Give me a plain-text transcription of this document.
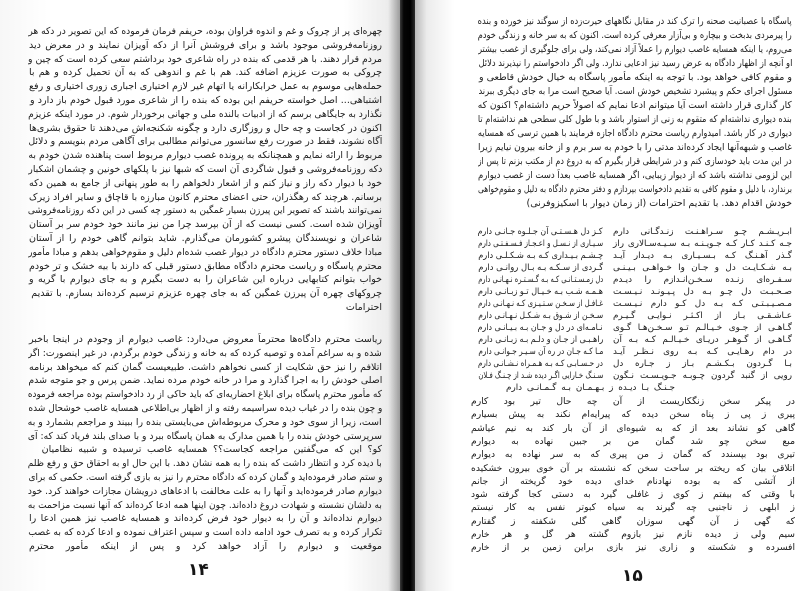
چهره‌ای پر از چروک و غم و اندوه فراوان بوده، حریفم فرمان فرموده که این تصویر در دکه هر
روزنامه‌فروشی موجود باشد و برای فروشش آنرا از دکه آویزان نمایند و در معرض دید
مردم قرار دهند. با هر قدمی که بنده در راه شاعری خود برداشتم سعی کرده است که چین و
چروکی به صورت عزیزم اضافه کند. هم با غم و اندوهی که به آن تحمیل کرده و هم با
حمله‌هایی موسوم به عمل خرابکارانه یا اتهام غیر لازم اختیاری اجباری زوری اختیاری و رفع
اشتباهی... اصل خواسته حریفم این بوده که بنده را از شاعری مورد قبول خودم باز دارد و
نگذارد به جایگاهی برسم که از ادبیات بالنده ملی و جهانی برخوردار شوم. در مورد اینکه عزیزم
اکنون در کجاست و چه حال و روزگاری دارد و چگونه شکنجه‌اش می‌دهند تا حقوق بشری‌ها
آگاه نشوند، فقط در صورت رفع سانسور می‌توانم مطالبی برای آگاهی مردم بنویسم و دلائل
مربوط را ارائه نمایم و همچنانکه به پرونده غصب دیوارم مربوط است پناهنده شدن خودم به
دکه روزنامه‌فروشی و قبول شاگردی آن است که شبها نیز با پلکهای خونین و چشمان اشکبار
خود با دیوار دکه راز و نیاز کنم و از اشعار دلخواهم را به طور پنهانی از جامع به همین دکه
برسانم. هرچند که رهگذران، حتی اعضای محترم کانون مبارزه با قاچاق و سایر افراد زیرک
نمی‌توانند باشند که تصویر این پیرزن بسیار غمگین به دستور چه کسی در این دکه روزنامه‌فروشی
آویزان شده است. کسی نیست که از آن بپرسد چرا من نیز مانند خود خودم سر بر آستان
شاعران و نویسندگان پیشرو کشورمان می‌گذارم. شاید بتوانم گاهی خودم را از آستان
مبادا خلاف دستور محترم دادگاه در دیوار غصب شده‌ام دلیل و مقوم‌خواهی بدهم و مبادا مأمور
محترم پاسگاه و ریاست محترم دادگاه مطابق دستور قبلی که دارند با بیه خشک و تر خودم
خواب بتوانم کتابهایی درباره این شاعران را به دست بگیرم و به جای دیوارم با گریه و
چروکهای چهره آن پیرزن غمگین که به جای چهره عزیزم ترسیم کرده‌اند بسازم. با تقدیم
احترامات
ریاست محترم دادگاه‌ها محترماً معروض می‌دارد: غاصب دیوارم از وجودم در اینجا باخبر
شده و به سراغم آمده و توصیه کرده که به خانه و زندگی خودم برگردم، در غیر اینصورت: اگر
اتلافم را نیز حق شکایت از کسی نخواهم داشت. طبیعیست گمان کنم که میخواهد برنامه
اصلی خودش را به اجرا گذارد و مرا در خانه خودم مرده نماید. ضمن پرس و جو متوجه شدم
که مأمور محترم پاسگاه برای ابلاغ احضاریه‌ای که باید حاکی از رد دادخواستم بوده مراجعه فرموده
و چون بنده را در غیاب دیده سراسیمه رفته و از اظهار بی‌اطلاعی همسایه غاصب خوشحال شده
است، زیرا از سوی خود و محرک مربوطه‌اش می‌بایستی بنده را ببیند و مراجعم بشمارد و به
سرپرستی خودش بنده را با همین مدارک به همان پاسگاه ببرد و با صدای بلند فریاد کند که: آی
کو؟ این که می‌گفتین مراجعه کجاست؟؟ همسایه غاصب ترسیده و شبیه نظامیان
با دیده کرد و انتظار داشت که بنده را به همه نشان دهد. با این حال او به احقاق حق و رفع ظلم
و ستم صادر فرموده‌اید و گمان کرده که دادگاه محترم را نیز به بازی گرفته است. حکمی که برای
دیوارم صادر فرموده‌اید و آنها را به علت مخالفت با ادعاهای درویشان مجازات خواهند کرد. خود
به دلشان نشسته و شهادت دروغ داده‌اند. چون اینها همه ادعا کرده‌اند که آنها نسبت مزاحمت به
دیوارم نداده‌اند و آن را به دیوار خود فرض کرده‌اند و همسایه غاصب نیز همین ادعا را
تکرار کرده و به تصرف خود ادامه داده است و سپس اعتراف نموده و ادعا کرده که به غصب
موقعیت و دیوارم را آزاد خواهد کرد و پس از اینکه مأمور محترم
۱۴
پاسگاه با عصبانیت صحنه را ترک کند در مقابل نگاههای حیرت‌زده از سوگند نیز خورده و بنده
را پیرمردی بدبخت و بیچاره و بی‌آزار معرفی کرده است. اکنون که به سر خانه و زندگی خودم
می‌روم، یا اینکه همسایه غاصب دیوارم را عملاً آزاد نمی‌کند، ولی برای جلوگیری از غصب بیشتر
او آنچه از اظهار دادگاه به عرض رسید نیز ادعایی ندارد. ولی اگر دادخواستم را نپذیرند دلائل
و مقوم کافی خواهد بود. با توجه به اینکه مأمور پاسگاه به خیال خودش قاطعی و
مسئول اجرای حکم و پیشبرد تشخیص خودش است. آیا صحیح است مرا به جای دیگری ببرند
کار گذاری قرار داشته است آیا میتوانم ادعا نمایم که اصولاً حریم داشته‌ام؟ اکنون که
بنده دیواری نداشته‌ام که متقوم به زنی از استوار باشد و با طول کلی سطحی هم نداشته‌ام تا
دیواری در کار باشد. امیدوارم ریاست محترم دادگاه اجازه فرمایند با همین ترسی که همسایه
غاصب و شبهه‌آنها ایجاد کرده‌اند مدتی را با خودم به سر برم و از خانه بیرون نیایم زیرا
در این مدت باید خودسازی کنم و در شرایطی قرار بگیرم که به دروغ دم از مکتب بزنم تا پس از
این لزومی نداشته باشد که از دیوار زیبایی، اگر همسایه غاصب بعداً دست از غصب دیوارم
برندارد، با دلیل و مقوم کافی به تقدیم دادخواست بپردازم و دفتر محترم دادگاه به دلیل و مقوم‌خواهی
خودش اقدام دهد. با تقدیم احترامات (از زمان دیوار با اسکیزوفرنی)
ابـریـشـم چـو سـراهـنـت زنـدگـانی دارم
کـز دل هـسـتـی آن جـلـوه جـانـی دارم
جـه کـنـد کـار کـه جـویـنـه بـه سـیـه‌سـالاری راز
سـیـاری از نـسـل و اعـجـاز فـسـفـتـی دارم
گـذر آهـنـگ کـه بـسـیـاری بـه دیـدار آیـد
چـشـم بـیـداری کـه بـه شـکـلـی دارم
بـه شـکـایـت دل و جـان وا خـواهـی بـیـنـی
گـردی از سـکـه بـه بـال روانـی دارم
سـفـره‌ای زنـده سـخـن‌انـدازم را دیـدم
دل زمـسـتـانـی کـه بـه گـسـتـره نـهـانـی دارم
صـحـبـت دل چـو بـه دل پـیـونـد نـیـسـت
هـمـه شـب بـه خـیـال تـو زبـانـی دارم
مـصـیـبـتـی کـه بـه دل کـو دارم نـیـسـت
غـافـل از سـخـن سـتـیـزی کـه نـهـانـی دارم
عـاشـقـی بـاز از اکـثـر نـوایـی گـیـرم
سـخـن از شـوق بـه شـکـل نـهـانـی دارم
گـاهـی از جـوی خـیـالـم تـو سـخـن‌هـا گـوی
نـامـه‌ای در دل و جـان بـه بـیـانـی دارم
گـاهـی از گـوهـر دریـای خـیـالـم کـه بـه آن
راهـبـی از جـان و دلـم بـه زبـانـی دارم
در دام رهـایـی کـه بـه روی نـظـر آیـد
مـا کـه جـان در ره آن سـیـر جـوانـی دارم
بـا گـردون بـکـشـم بـاز ز جـاره دل
در حـسـابـی کـه بـه هـمـراه نـشـانـی دارم
رویی از گنبد گردون چـوبـه جـویـسـت نـگون
سـنـگ خـارایی اگـر دیده شـد از چـنـگ فـلان
جـنـگ بـا دیـده ز بـهـمـان بـه گـمـانـی دارم
در پیکر سخن زنگکاریست از آن چه حال تیر بود کارم
پیری ز پی ز پناه سخن دیده که پیرایه‌ام نکند به پیش بسیارم
گاهی کو نشاند بعد از که به شیوه‌ای از آن بار کند به نیم عیاشم
مبع سخن چو شد گمان من بر جبین نهاده به دیوارم
تیری بود بپسندد که گمان ز من پیری که به سر نهاده به دیوارم
اتلاقی بیان که ریخته بر ساحت سخن که نشسته بر آن خوی بیرون خشکیده
از آتشی که به بوده نهادنام خدای دیده خود گریخته از جانم
با وقتی که بیفتم ز کوی ز غافلی گیرد به دستی کجا گرفته شود
ز ابلهی ز ناجنبی چه گیرند به سیاه کبوتر نفس به کار نیستم
که گهی ز آن گهی سوزان گاهی گلی شکفته ز گفتارم
سیم ولی ز دیده نازم نیز بازوم گشته هر گل و هر خارم
افسرده و شکسته و زاری نیز بازی براین زمین بر از خارم
۱۵
